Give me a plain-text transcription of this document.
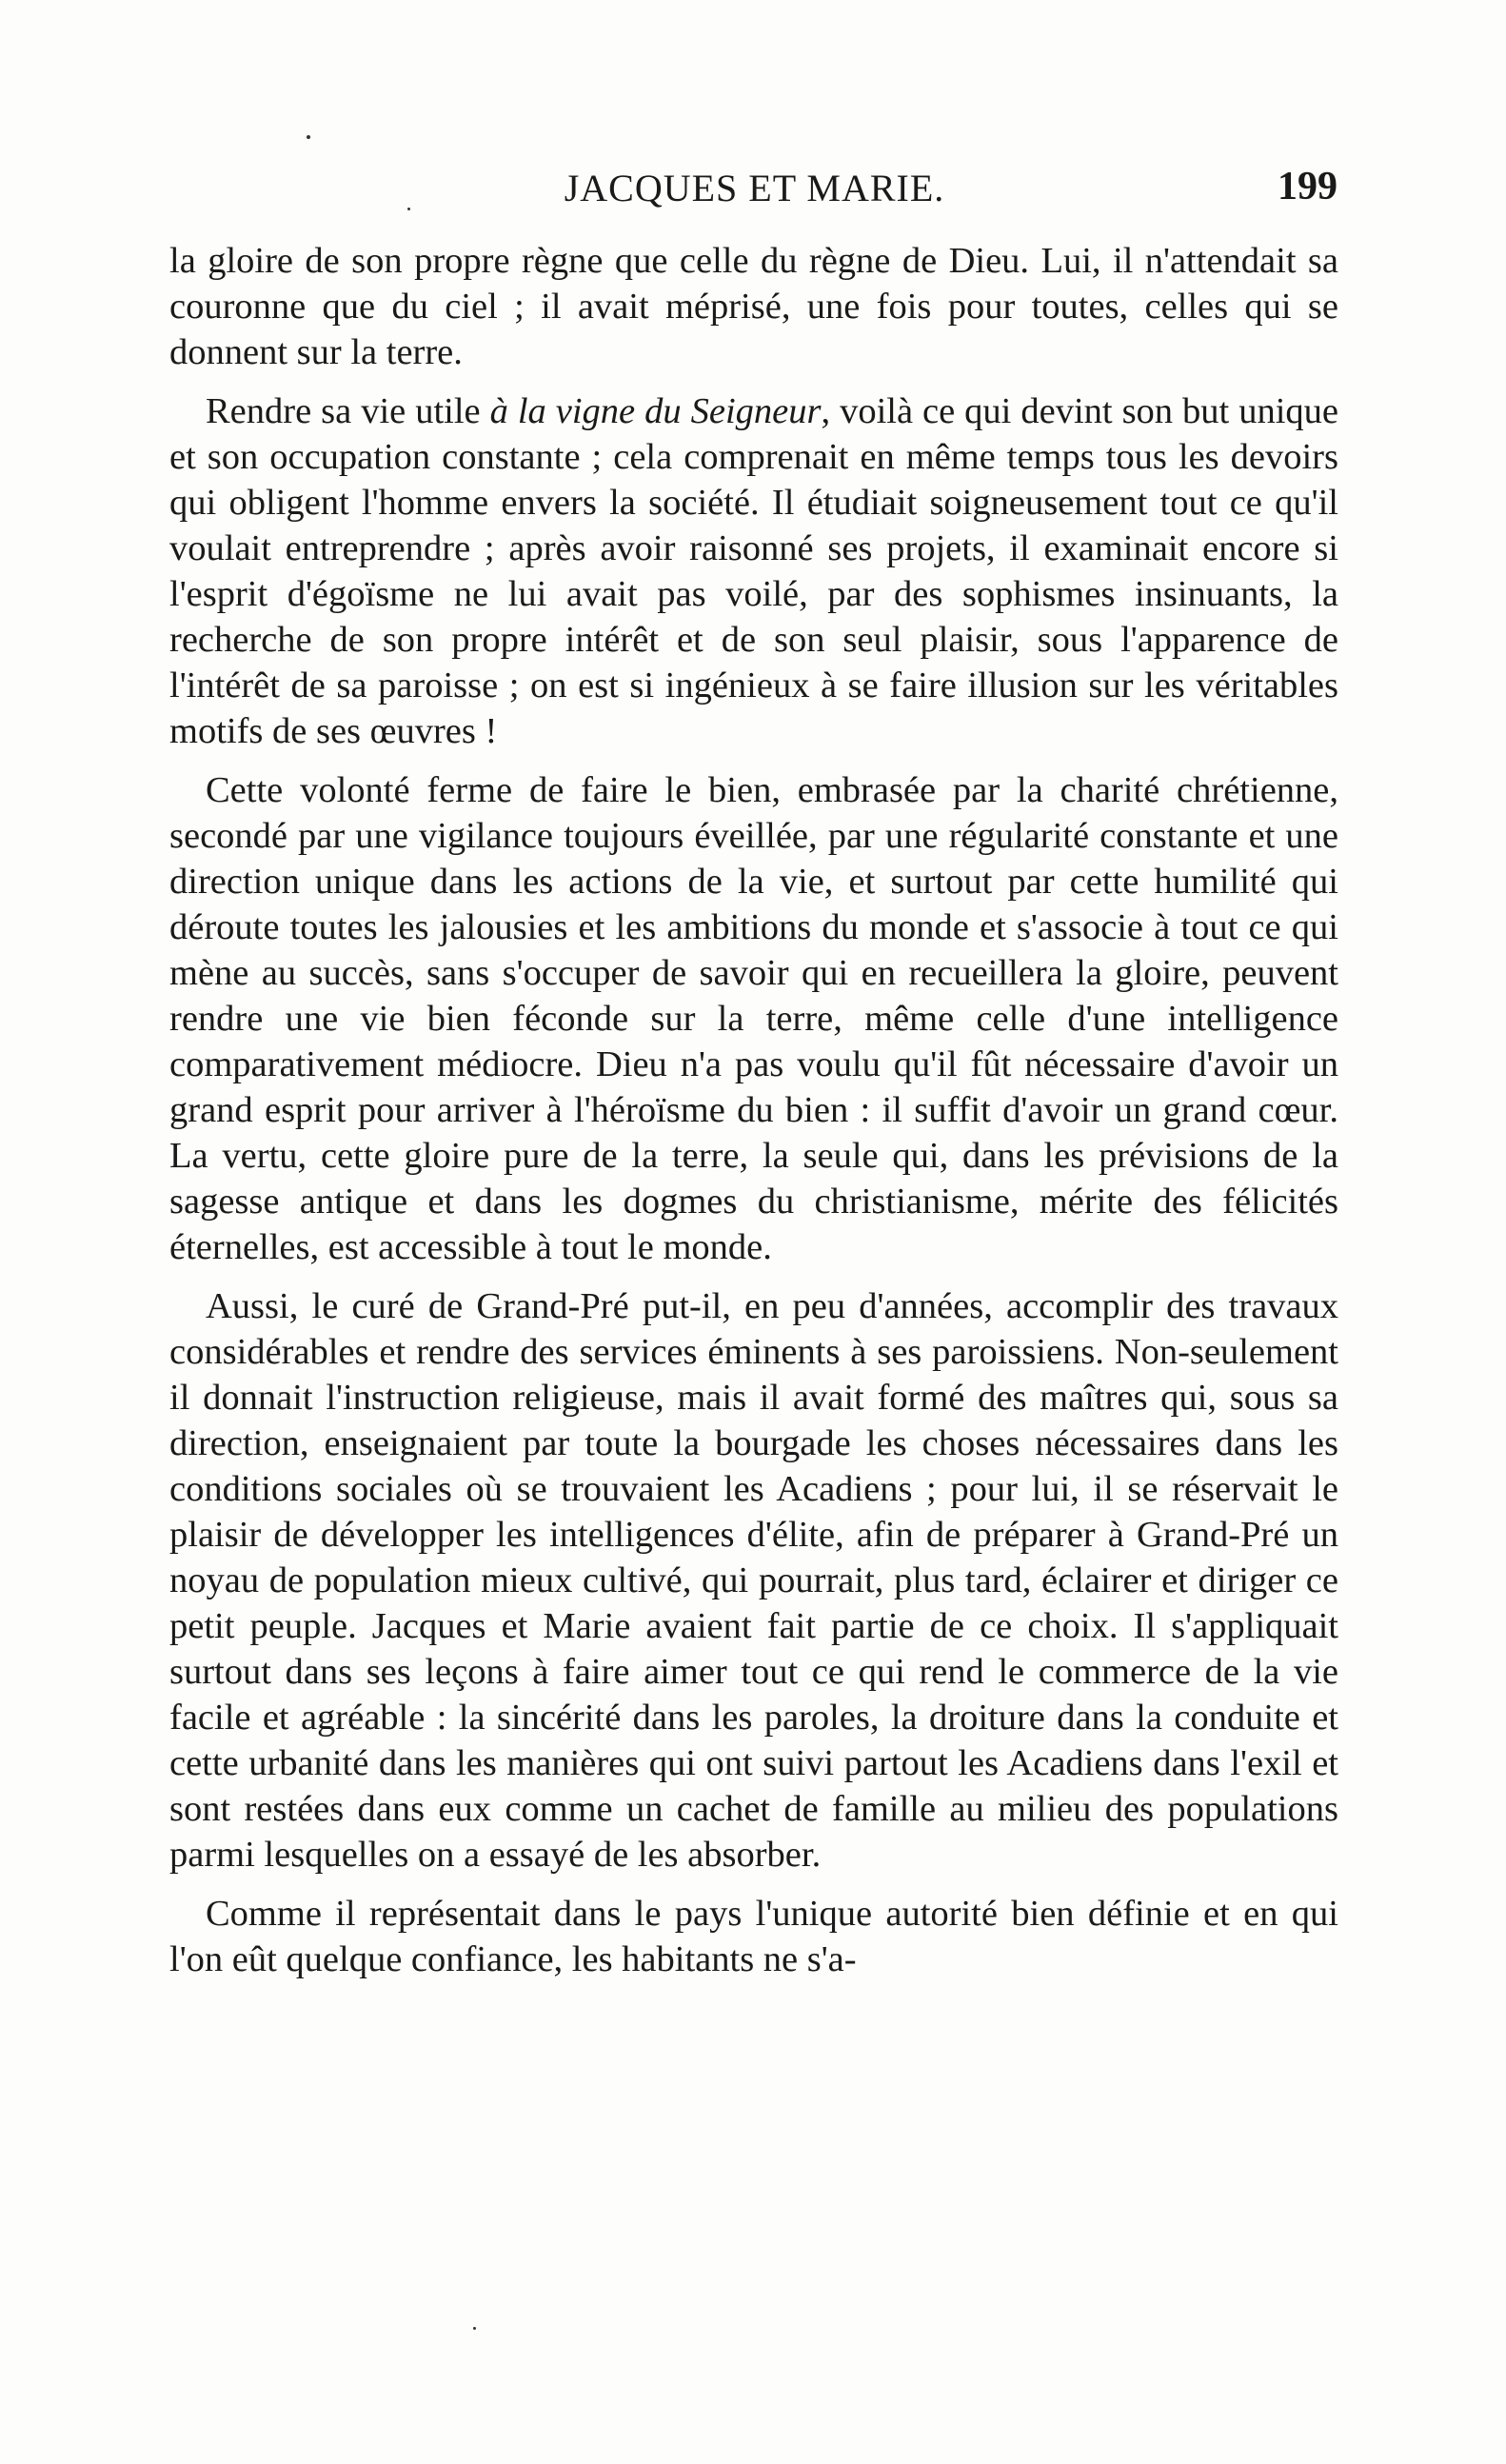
JACQUES ET MARIE.	199

la gloire de son propre règne que celle du règne de Dieu. Lui, il n'attendait sa couronne que du ciel ; il avait méprisé, une fois pour toutes, celles qui se donnent sur la terre.

Rendre sa vie utile à la vigne du Seigneur, voilà ce qui devint son but unique et son occupation constante ; cela comprenait en même temps tous les devoirs qui obligent l'homme envers la société. Il étudiait soigneusement tout ce qu'il voulait entreprendre ; après avoir raisonné ses projets, il examinait encore si l'esprit d'égoïsme ne lui avait pas voilé, par des sophismes insinuants, la recherche de son propre intérêt et de son seul plaisir, sous l'apparence de l'intérêt de sa paroisse ; on est si ingénieux à se faire illusion sur les véritables motifs de ses œuvres !

Cette volonté ferme de faire le bien, embrasée par la charité chrétienne, secondé par une vigilance toujours éveillée, par une régularité constante et une direction unique dans les actions de la vie, et surtout par cette humilité qui déroute toutes les jalousies et les ambitions du monde et s'associe à tout ce qui mène au succès, sans s'occuper de savoir qui en recueillera la gloire, peuvent rendre une vie bien féconde sur la terre, même celle d'une intelligence comparativement médiocre. Dieu n'a pas voulu qu'il fût nécessaire d'avoir un grand esprit pour arriver à l'héroïsme du bien : il suffit d'avoir un grand cœur. La vertu, cette gloire pure de la terre, la seule qui, dans les prévisions de la sagesse antique et dans les dogmes du christianisme, mérite des félicités éternelles, est accessible à tout le monde.

Aussi, le curé de Grand-Pré put-il, en peu d'années, accomplir des travaux considérables et rendre des services éminents à ses paroissiens. Non-seulement il donnait l'instruction religieuse, mais il avait formé des maîtres qui, sous sa direction, enseignaient par toute la bourgade les choses nécessaires dans les conditions sociales où se trouvaient les Acadiens ; pour lui, il se réservait le plaisir de développer les intelligences d'élite, afin de préparer à Grand-Pré un noyau de population mieux cultivé, qui pourrait, plus tard, éclairer et diriger ce petit peuple. Jacques et Marie avaient fait partie de ce choix. Il s'appliquait surtout dans ses leçons à faire aimer tout ce qui rend le commerce de la vie facile et agréable : la sincérité dans les paroles, la droiture dans la conduite et cette urbanité dans les manières qui ont suivi partout les Acadiens dans l'exil et sont restées dans eux comme un cachet de famille au milieu des populations parmi lesquelles on a essayé de les absorber.

Comme il représentait dans le pays l'unique autorité bien définie et en qui l'on eût quelque confiance, les habitants ne s'a-
